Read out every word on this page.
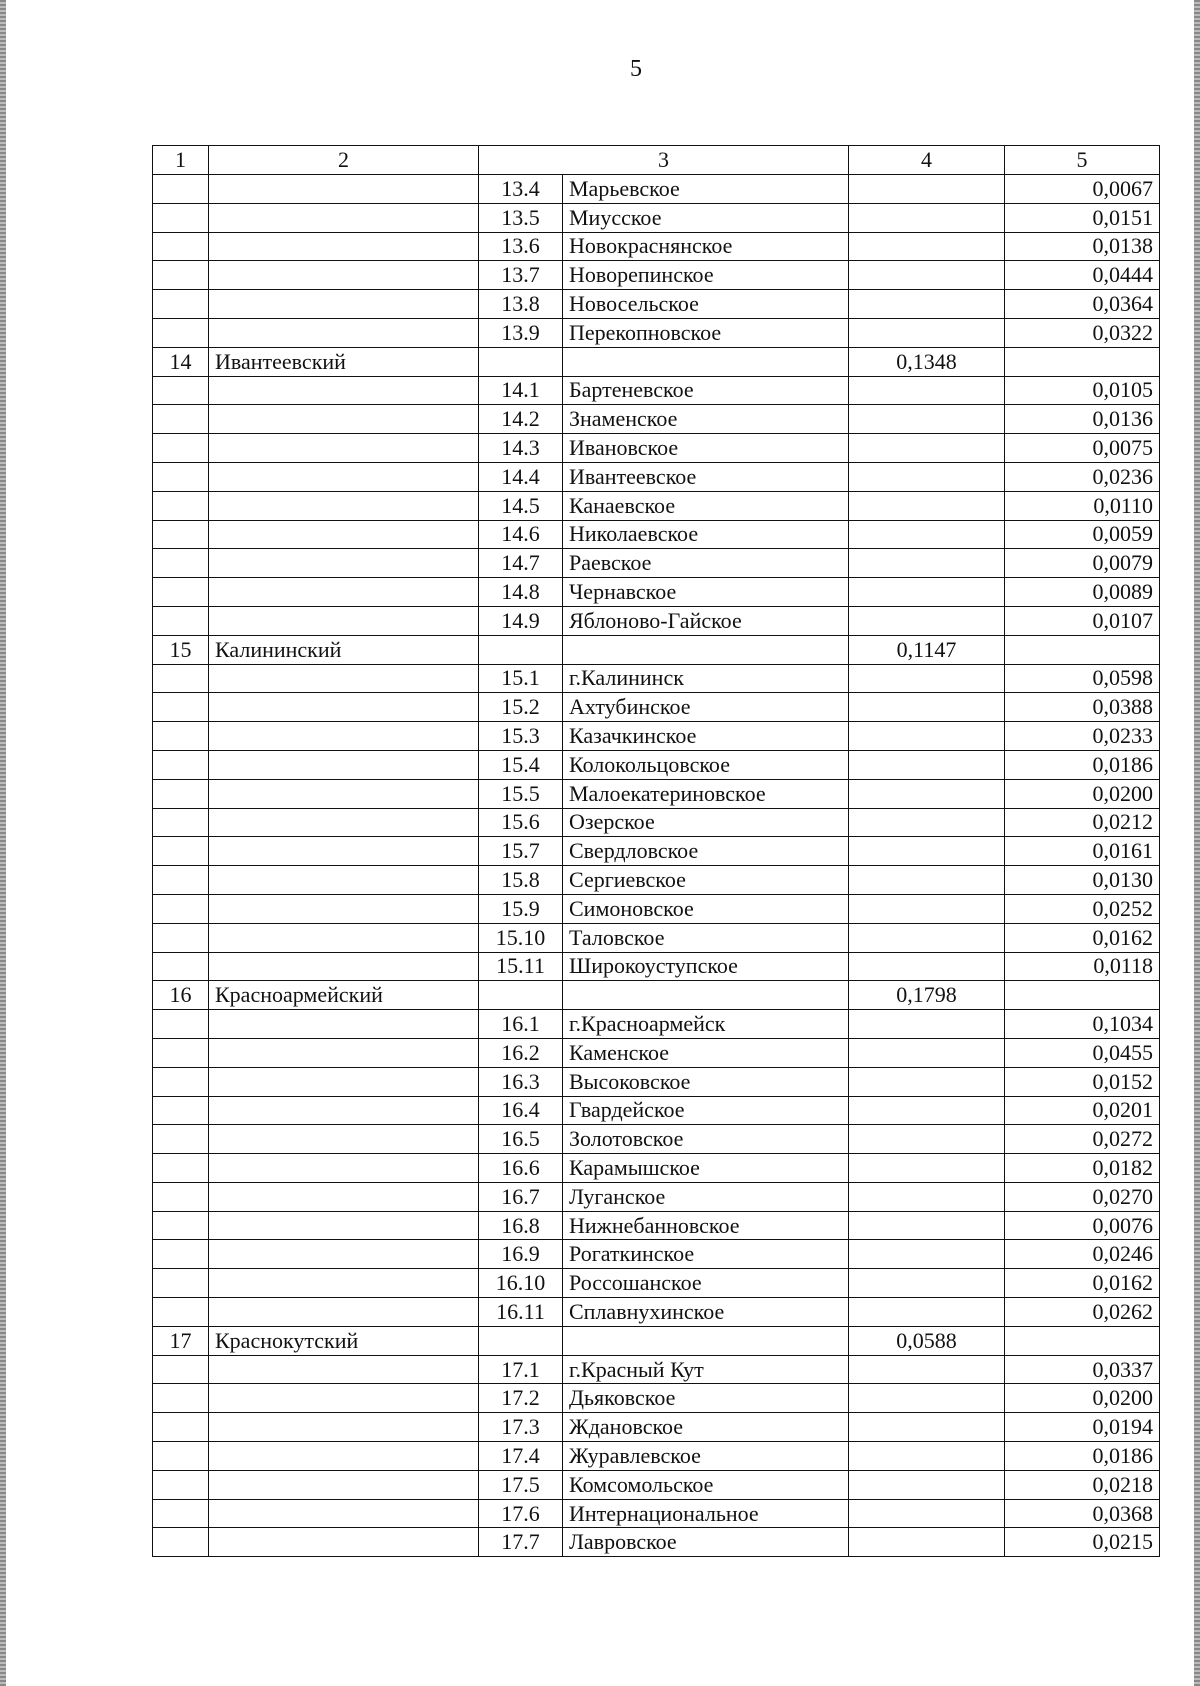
5
1	2	3		4	5
		13.4	Марьевское		0,0067
		13.5	Миусское		0,0151
		13.6	Новокраснянское		0,0138
		13.7	Новорепинское		0,0444
		13.8	Новосельское		0,0364
		13.9	Перекопновское		0,0322
14	Ивантеевский			0,1348	
		14.1	Бартеневское		0,0105
		14.2	Знаменское		0,0136
		14.3	Ивановское		0,0075
		14.4	Ивантеевское		0,0236
		14.5	Канаевское		0,0110
		14.6	Николаевское		0,0059
		14.7	Раевское		0,0079
		14.8	Чернавское		0,0089
		14.9	Яблоново-Гайское		0,0107
15	Калининский			0,1147	
		15.1	г.Калининск		0,0598
		15.2	Ахтубинское		0,0388
		15.3	Казачкинское		0,0233
		15.4	Колокольцовское		0,0186
		15.5	Малоекатериновское		0,0200
		15.6	Озерское		0,0212
		15.7	Свердловское		0,0161
		15.8	Сергиевское		0,0130
		15.9	Симоновское		0,0252
		15.10	Таловское		0,0162
		15.11	Широкоуступское		0,0118
16	Красноармейский			0,1798	
		16.1	г.Красноармейск		0,1034
		16.2	Каменское		0,0455
		16.3	Высоковское		0,0152
		16.4	Гвардейское		0,0201
		16.5	Золотовское		0,0272
		16.6	Карамышское		0,0182
		16.7	Луганское		0,0270
		16.8	Нижнебанновское		0,0076
		16.9	Рогаткинское		0,0246
		16.10	Россошанское		0,0162
		16.11	Сплавнухинское		0,0262
17	Краснокутский			0,0588	
		17.1	г.Красный Кут		0,0337
		17.2	Дьяковское		0,0200
		17.3	Ждановское		0,0194
		17.4	Журавлевское		0,0186
		17.5	Комсомольское		0,0218
		17.6	Интернациональное		0,0368
		17.7	Лавровское		0,0215
